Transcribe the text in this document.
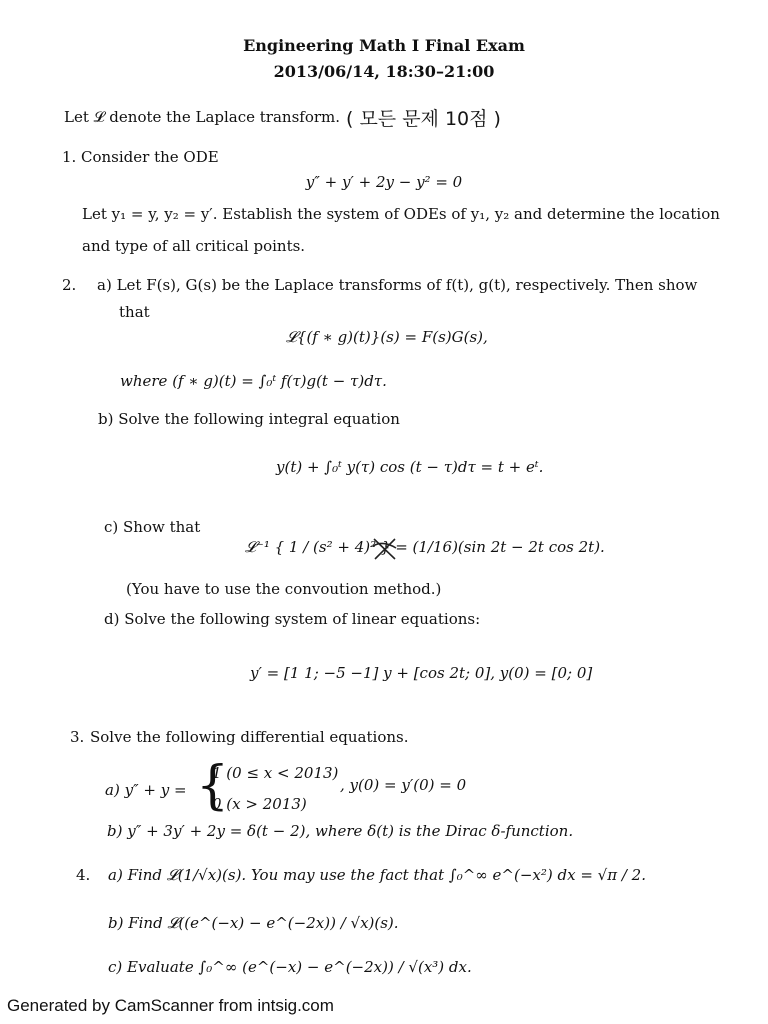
Engineering Math I Final Exam
2013/06/14, 18:30–21:00
Let 𝓛 denote the Laplace transform. ( 모든 문제 10점 )
1. Consider the ODE
y″ + y′ + 2y − y² = 0
Let y₁ = y, y₂ = y′. Establish the system of ODEs of y₁, y₂ and determine the location
and type of all critical points.
2. a) Let F(s), G(s) be the Laplace transforms of f(t), g(t), respectively. Then show
that
𝓛{(f ∗ g)(t)}(s) = F(s)G(s),
where (f ∗ g)(t) = ∫₀ᵗ f(τ)g(t − τ)dτ.
b) Solve the following integral equation
y(t) + ∫₀ᵗ y(τ) cos (t − τ)dτ = t + eᵗ.
c) Show that
𝓛⁻¹ { 1 / (s² + 4)² } = (1/16)(sin 2t − 2t cos 2t).
(You have to use the convoution method.)
d) Solve the following system of linear equations:
y′ = [1 1; −5 −1] y + [cos 2t; 0], y(0) = [0; 0]
3. Solve the following differential equations.
a) y″ + y = {
1 (0 ≤ x < 2013)
0 (x > 2013)
, y(0) = y′(0) = 0
b) y″ + 3y′ + 2y = δ(t − 2), where δ(t) is the Dirac δ-function.
4. a) Find 𝓛(1/√x)(s). You may use the fact that ∫₀^∞ e^(−x²) dx = √π / 2.
b) Find 𝓛((e^(−x) − e^(−2x)) / √x)(s).
c) Evaluate ∫₀^∞ (e^(−x) − e^(−2x)) / √(x³) dx.
Generated by CamScanner from intsig.com
